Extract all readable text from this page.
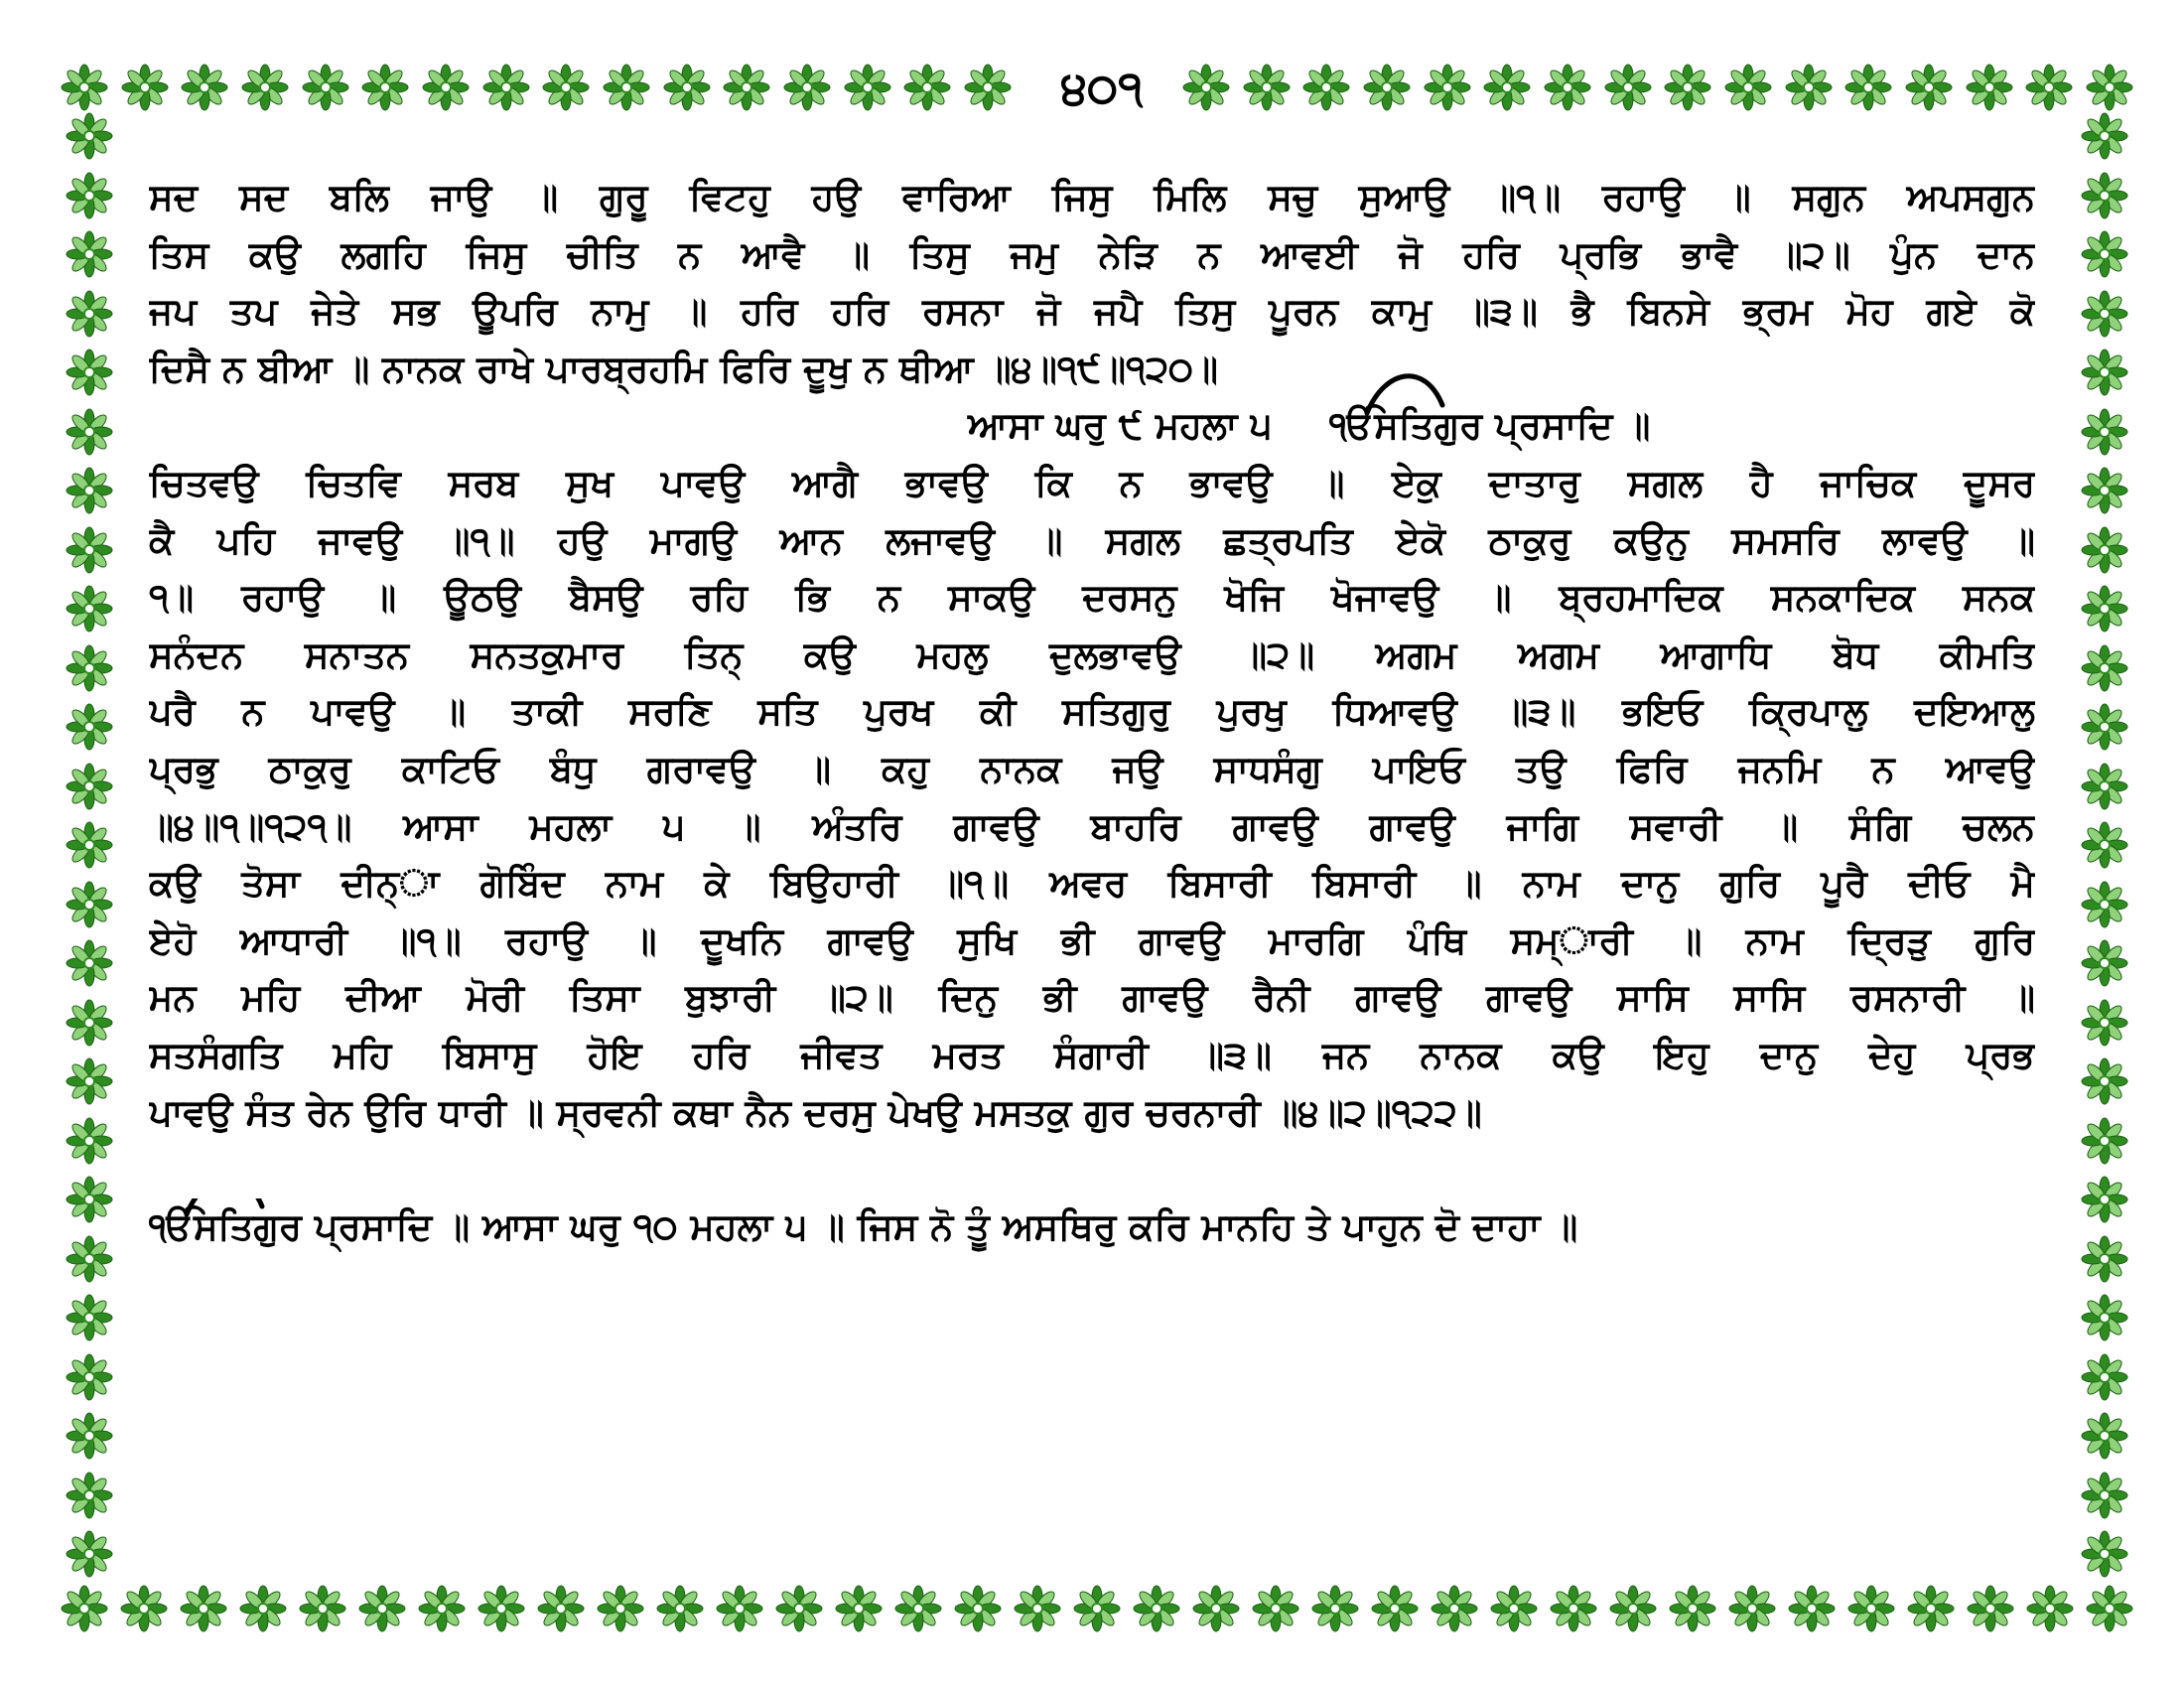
੪੦੧
ਸਦ ਸਦ ਬਲਿ ਜਾਉ ॥ ਗੁਰੂ ਵਿਟਹੁ ਹਉ ਵਾਰਿਆ ਜਿਸੁ ਮਿਲਿ ਸਚੁ ਸੁਆਉ ॥੧॥ ਰਹਾਉ ॥ ਸਗੁਨ ਅਪਸਗੁਨ
ਤਿਸ ਕਉ ਲਗਹਿ ਜਿਸੁ ਚੀਤਿ ਨ ਆਵੈ ॥ ਤਿਸੁ ਜਮੁ ਨੇੜਿ ਨ ਆਵਈ ਜੋ ਹਰਿ ਪ੍ਰਭਿ ਭਾਵੈ ॥੨॥ ਪੁੰਨ ਦਾਨ
ਜਪ ਤਪ ਜੇਤੇ ਸਭ ਊਪਰਿ ਨਾਮੁ ॥ ਹਰਿ ਹਰਿ ਰਸਨਾ ਜੋ ਜਪੈ ਤਿਸੁ ਪੂਰਨ ਕਾਮੁ ॥੩॥ ਭੈ ਬਿਨਸੇ ਭ੍ਰਮ ਮੋਹ ਗਏ ਕੋ
ਦਿਸੈ ਨ ਬੀਆ ॥ ਨਾਨਕ ਰਾਖੇ ਪਾਰਬ੍ਰਹਮਿ ਫਿਰਿ ਦੂਖੁ ਨ ਥੀਆ ॥੪॥੧੯॥੧੨੦॥
ਆਸਾ ਘਰੁ ੯ ਮਹਲਾ ੫ ੴਸਤਿਗੁਰ ਪ੍ਰਸਾਦਿ ॥
ਚਿਤਵਉ ਚਿਤਵਿ ਸਰਬ ਸੁਖ ਪਾਵਉ ਆਗੈ ਭਾਵਉ ਕਿ ਨ ਭਾਵਉ ॥ ਏਕੁ ਦਾਤਾਰੁ ਸਗਲ ਹੈ ਜਾਚਿਕ ਦੂਸਰ
ਕੈ ਪਹਿ ਜਾਵਉ ॥੧॥ ਹਉ ਮਾਗਉ ਆਨ ਲਜਾਵਉ ॥ ਸਗਲ ਛਤ੍ਰਪਤਿ ਏਕੋ ਠਾਕੁਰੁ ਕਉਨੁ ਸਮਸਰਿ ਲਾਵਉ ॥
੧॥ ਰਹਾਉ ॥ ਊਠਉ ਬੈਸਉ ਰਹਿ ਭਿ ਨ ਸਾਕਉ ਦਰਸਨੁ ਖੋਜਿ ਖੋਜਾਵਉ ॥ ਬ੍ਰਹਮਾਦਿਕ ਸਨਕਾਦਿਕ ਸਨਕ
ਸਨੰਦਨ ਸਨਾਤਨ ਸਨਤਕੁਮਾਰ ਤਿਨ੍ ਕਉ ਮਹਲੁ ਦੁਲਭਾਵਉ ॥੨॥ ਅਗਮ ਅਗਮ ਆਗਾਧਿ ਬੋਧ ਕੀਮਤਿ
ਪਰੈ ਨ ਪਾਵਉ ॥ ਤਾਕੀ ਸਰਣਿ ਸਤਿ ਪੁਰਖ ਕੀ ਸਤਿਗੁਰੁ ਪੁਰਖੁ ਧਿਆਵਉ ॥੩॥ ਭਇਓ ਕ੍ਰਿਪਾਲੁ ਦਇਆਲੁ
ਪ੍ਰਭੁ ਠਾਕੁਰੁ ਕਾਟਿਓ ਬੰਧੁ ਗਰਾਵਉ ॥ ਕਹੁ ਨਾਨਕ ਜਉ ਸਾਧਸੰਗੁ ਪਾਇਓ ਤਉ ਫਿਰਿ ਜਨਮਿ ਨ ਆਵਉ
॥੪॥੧॥੧੨੧॥ ਆਸਾ ਮਹਲਾ ੫ ॥ ਅੰਤਰਿ ਗਾਵਉ ਬਾਹਰਿ ਗਾਵਉ ਗਾਵਉ ਜਾਗਿ ਸਵਾਰੀ ॥ ਸੰਗਿ ਚਲਨ
ਕਉ ਤੋਸਾ ਦੀਨ੍ਾ ਗੋਬਿੰਦ ਨਾਮ ਕੇ ਬਿਉਹਾਰੀ ॥੧॥ ਅਵਰ ਬਿਸਾਰੀ ਬਿਸਾਰੀ ॥ ਨਾਮ ਦਾਨੁ ਗੁਰਿ ਪੂਰੈ ਦੀਓ ਮੈ
ਏਹੋ ਆਧਾਰੀ ॥੧॥ ਰਹਾਉ ॥ ਦੂਖਨਿ ਗਾਵਉ ਸੁਖਿ ਭੀ ਗਾਵਉ ਮਾਰਗਿ ਪੰਥਿ ਸਮ੍ਾਰੀ ॥ ਨਾਮ ਦ੍ਰਿੜੁ ਗੁਰਿ
ਮਨ ਮਹਿ ਦੀਆ ਮੋਰੀ ਤਿਸਾ ਬੁਝਾਰੀ ॥੨॥ ਦਿਨੁ ਭੀ ਗਾਵਉ ਰੈਨੀ ਗਾਵਉ ਗਾਵਉ ਸਾਸਿ ਸਾਸਿ ਰਸਨਾਰੀ ॥
ਸਤਸੰਗਤਿ ਮਹਿ ਬਿਸਾਸੁ ਹੋਇ ਹਰਿ ਜੀਵਤ ਮਰਤ ਸੰਗਾਰੀ ॥੩॥ ਜਨ ਨਾਨਕ ਕਉ ਇਹੁ ਦਾਨੁ ਦੇਹੁ ਪ੍ਰਭ
ਪਾਵਉ ਸੰਤ ਰੇਨ ਉਰਿ ਧਾਰੀ ॥ ਸ੍ਰਵਨੀ ਕਥਾ ਨੈਨ ਦਰਸੁ ਪੇਖਉ ਮਸਤਕੁ ਗੁਰ ਚਰਨਾਰੀ ॥੪॥੨॥੧੨੨॥
ੴਸਤਿਗੁਰ ਪ੍ਰਸਾਦਿ ॥ ਆਸਾ ਘਰੁ ੧੦ ਮਹਲਾ ੫ ॥ ਜਿਸ ਨੋ ਤੂੰ ਅਸਥਿਰੁ ਕਰਿ ਮਾਨਹਿ ਤੇ ਪਾਹੁਨ ਦੋ ਦਾਹਾ ॥
